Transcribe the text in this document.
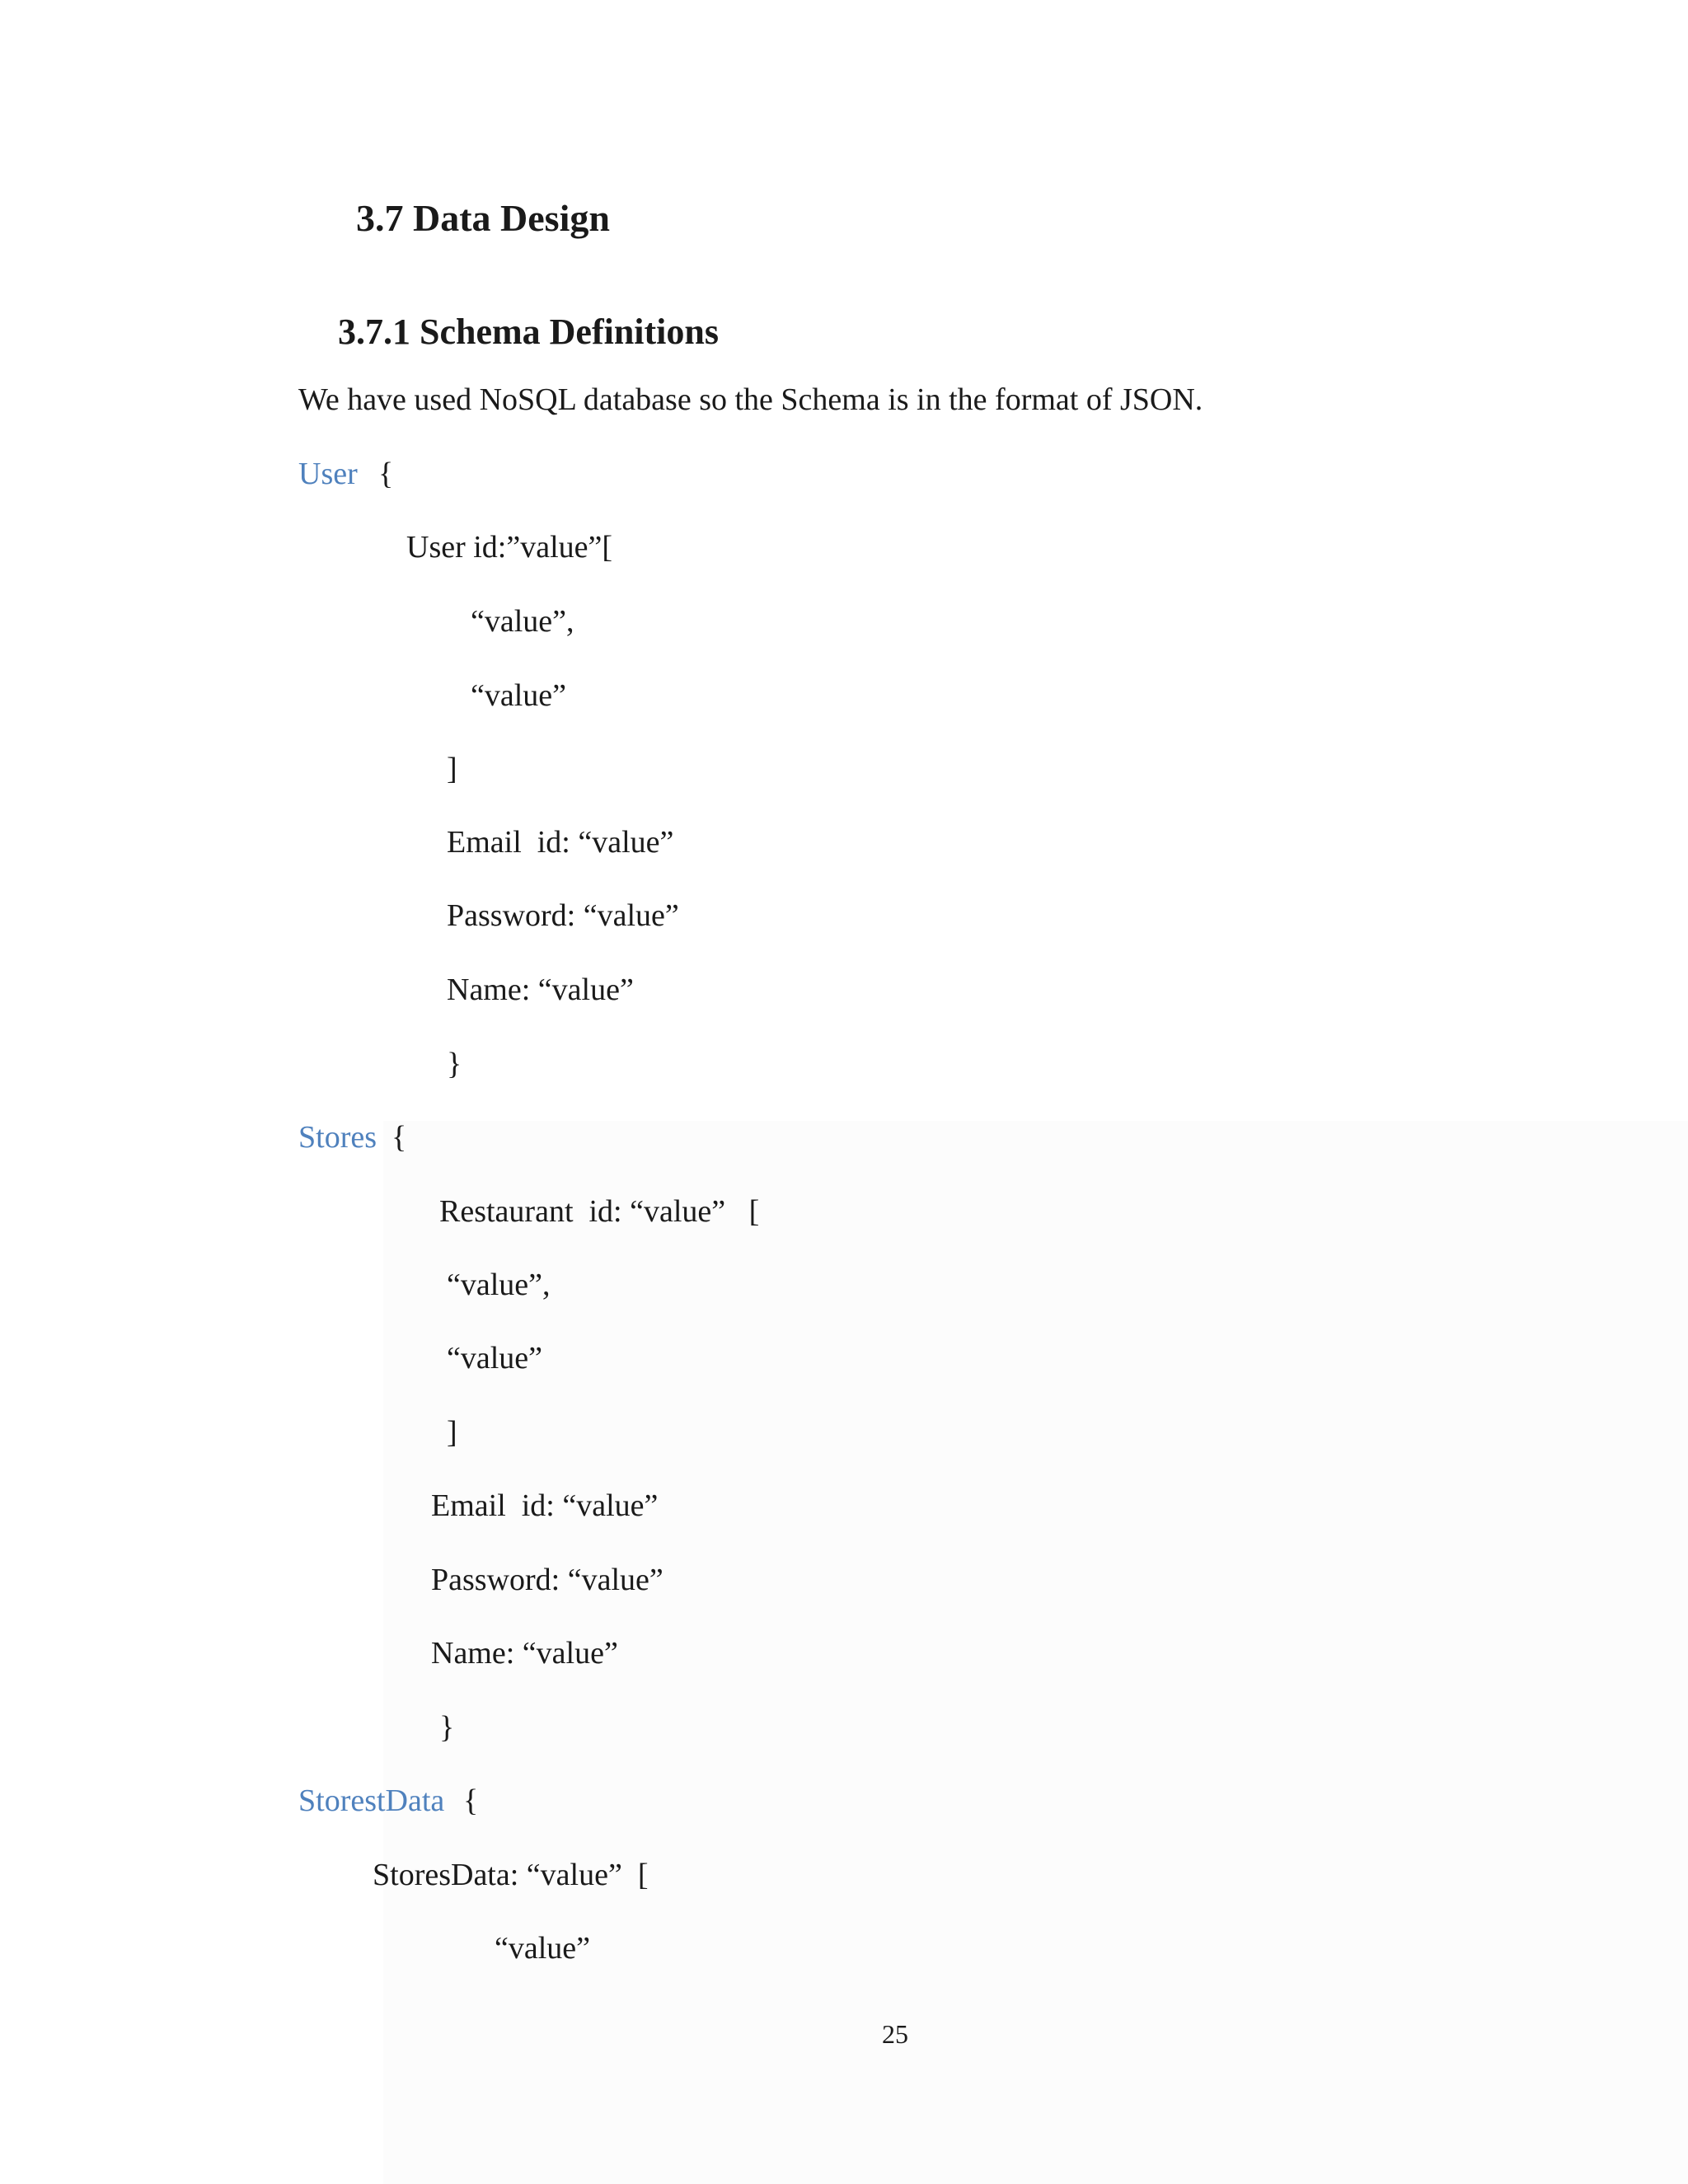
3.7 Data Design
3.7.1 Schema Definitions
We have used NoSQL database so the Schema is in the format of JSON.
User {
User id:”value”[
“value”,
“value”
]
Email  id: “value”
Password: “value”
Name: “value”
}
Stores {
Restaurant  id: “value”   [
“value”,
“value”
]
Email  id: “value”
Password: “value”
Name: “value”
}
StorestData {
StoresData: “value”  [
“value”
25
